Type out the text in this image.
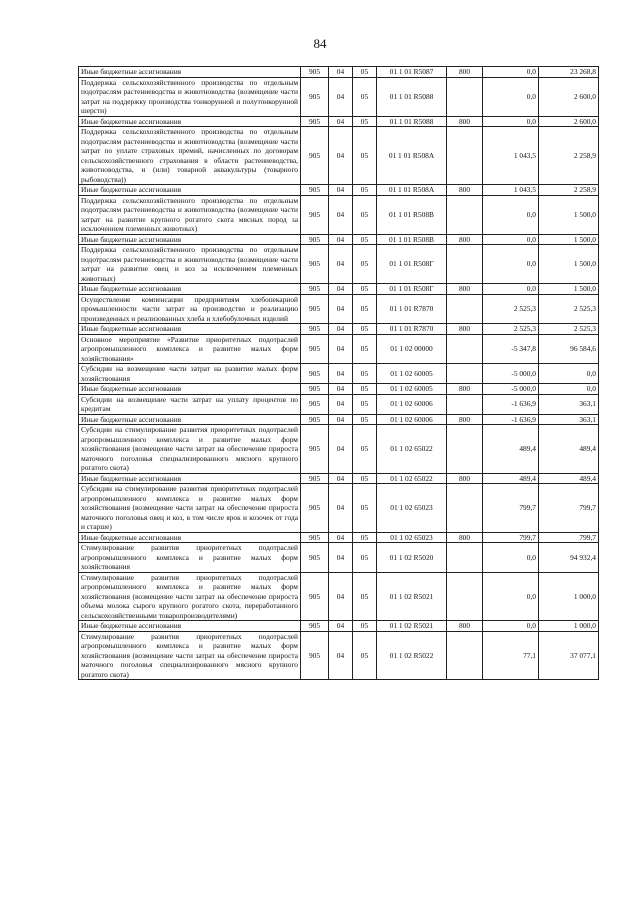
84
Иные бюджетные ассигнования	905	04	05	01 1 01 R5087	800	0,0	23 268,8
Поддержка сельскохозяйственного производства по отдельным подотраслям растениеводства и животноводства (возмещение части затрат на поддержку производства тонкорунной и полутонкорунной шерсти)	905	04	05	01 1 01 R5088		0,0	2 600,0
Иные бюджетные ассигнования	905	04	05	01 1 01 R5088	800	0,0	2 600,0
Поддержка сельскохозяйственного производства по отдельным подотраслям растениеводства и животноводства (возмещение части затрат по уплате страховых премий, начисленных по договорам сельскохозяйственного страхования в области растениеводства, животноводства, и (или) товарной аквакультуры (товарного рыбоводства))	905	04	05	01 1 01 R508А		1 043,5	2 258,9
Иные бюджетные ассигнования	905	04	05	01 1 01 R508А	800	1 043,5	2 258,9
Поддержка сельскохозяйственного производства по отдельным подотраслям растениеводства и животноводства (возмещение части затрат на развитие крупного рогатого скота мясных пород за исключением племенных животных)	905	04	05	01 1 01 R508В		0,0	1 500,0
Иные бюджетные ассигнования	905	04	05	01 1 01 R508В	800	0,0	1 500,0
Поддержка сельскохозяйственного производства по отдельным подотраслям растениеводства и животноводства (возмещение части затрат на развитие овец и коз за исключением племенных животных)	905	04	05	01 1 01 R508Г		0,0	1 500,0
Иные бюджетные ассигнования	905	04	05	01 1 01 R508Г	800	0,0	1 500,0
Осуществление компенсации предприятиям хлебопекарной промышленности части затрат на производство и реализацию произведенных и реализованных хлеба и хлебобулочных изделий	905	04	05	01 1 01 R7870		2 525,3	2 525,3
Иные бюджетные ассигнования	905	04	05	01 1 01 R7870	800	2 525,3	2 525,3
Основное мероприятие «Развитие приоритетных подотраслей агропромышленного комплекса и развитие малых форм хозяйствования»	905	04	05	01 1 02 00000		-5 347,8	96 584,6
Субсидии на возмещение части затрат на развитие малых форм хозяйствования	905	04	05	01 1 02 60005		-5 000,0	0,0
Иные бюджетные ассигнования	905	04	05	01 1 02 60005	800	-5 000,0	0,0
Субсидии на возмещение части затрат на уплату процентов по кредитам	905	04	05	01 1 02 60006		-1 636,9	363,1
Иные бюджетные ассигнования	905	04	05	01 1 02 60006	800	-1 636,9	363,1
Субсидии на стимулирование развития приоритетных подотраслей агропромышленного комплекса и развитие малых форм хозяйствования (возмещение части затрат на обеспечение прироста маточного поголовья специализированного мясного крупного рогатого скота)	905	04	05	01 1 02 65022		489,4	489,4
Иные бюджетные ассигнования	905	04	05	01 1 02 65022	800	489,4	489,4
Субсидии на стимулирование развития приоритетных подотраслей агропромышленного комплекса и развитие малых форм хозяйствования (возмещение части затрат на обеспечение прироста маточного поголовья овец и коз, в том числе ярок и козочек от года и старше)	905	04	05	01 1 02 65023		799,7	799,7
Иные бюджетные ассигнования	905	04	05	01 1 02 65023	800	799,7	799,7
Стимулирование развития приоритетных подотраслей агропромышленного комплекса и развитие малых форм хозяйствования	905	04	05	01 1 02 R5020		0,0	94 932,4
Стимулирование развития приоритетных подотраслей агропромышленного комплекса и развитие малых форм хозяйствования (возмещение части затрат на обеспечение прироста объема молока сырого крупного рогатого скота, переработанного сельскохозяйственными товаропроизводителями)	905	04	05	01 1 02 R5021		0,0	1 000,0
Иные бюджетные ассигнования	905	04	05	01 1 02 R5021	800	0,0	1 000,0
Стимулирование развития приоритетных подотраслей агропромышленного комплекса и развитие малых форм хозяйствования (возмещение части затрат на обеспечение прироста маточного поголовья специализированного мясного крупного рогатого скота)	905	04	05	01 1 02 R5022		77,1	37 077,1
